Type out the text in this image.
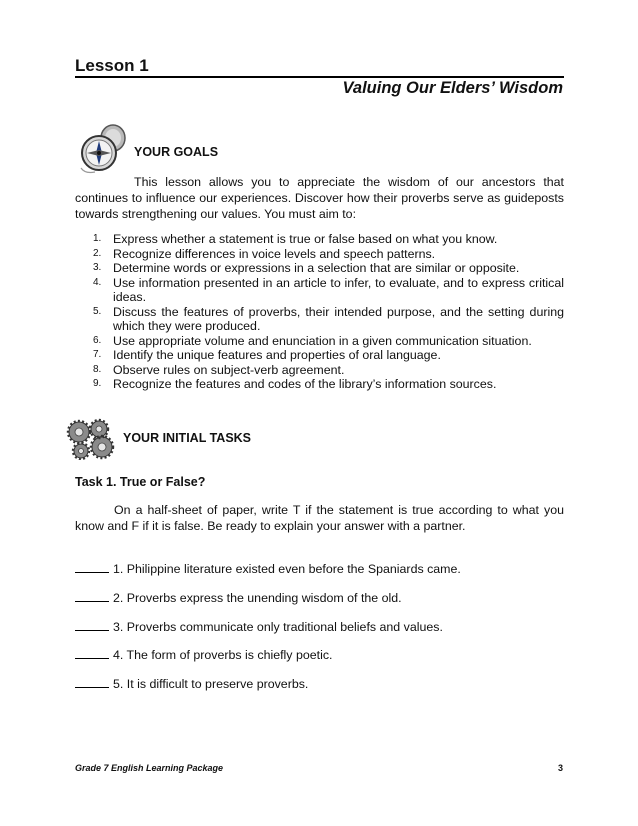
Lesson 1
Valuing Our Elders’ Wisdom
YOUR GOALS

This lesson allows you to appreciate the wisdom of our ancestors that continues to influence our experiences. Discover how their proverbs serve as guideposts towards strengthening our values. You must aim to:

1. Express whether a statement is true or false based on what you know.
2. Recognize differences in voice levels and speech patterns.
3. Determine words or expressions in a selection that are similar or opposite.
4. Use information presented in an article to infer, to evaluate, and to express critical ideas.
5. Discuss the features of proverbs, their intended purpose, and the setting during which they were produced.
6. Use appropriate volume and enunciation in a given communication situation.
7. Identify the unique features and properties of oral language.
8. Observe rules on subject-verb agreement.
9. Recognize the features and codes of the library’s information sources.
YOUR INITIAL TASKS
Task 1. True or False?

On a half-sheet of paper, write T if the statement is true according to what you know and F if it is false. Be ready to explain your answer with a partner.

1. Philippine literature existed even before the Spaniards came.
2. Proverbs express the unending wisdom of the old.
3. Proverbs communicate only traditional beliefs and values.
4. The form of proverbs is chiefly poetic.
5. It is difficult to preserve proverbs.
Grade 7 English Learning Package	3
